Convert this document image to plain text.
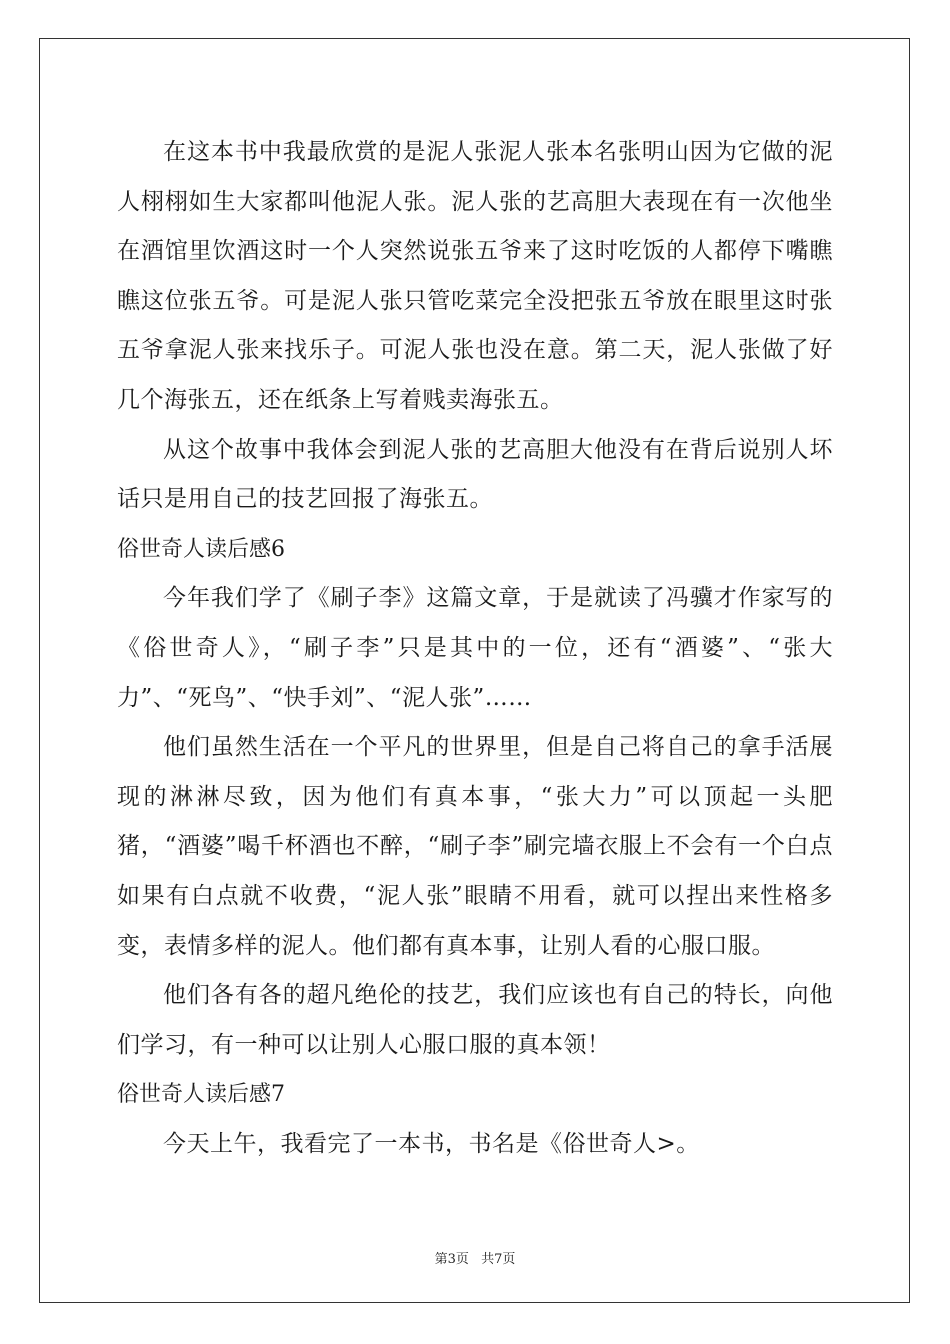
在这本书中我最欣赏的是泥人张泥人张本名张明山因为它做的泥人栩栩如生大家都叫他泥人张。泥人张的艺高胆大表现在有一次他坐在酒馆里饮酒这时一个人突然说张五爷来了这时吃饭的人都停下嘴瞧瞧这位张五爷。可是泥人张只管吃菜完全没把张五爷放在眼里这时张五爷拿泥人张来找乐子。可泥人张也没在意。第二天，泥人张做了好几个海张五，还在纸条上写着贱卖海张五。

从这个故事中我体会到泥人张的艺高胆大他没有在背后说别人坏话只是用自己的技艺回报了海张五。

俗世奇人读后感6

今年我们学了《刷子李》这篇文章，于是就读了冯骥才作家写的《俗世奇人》，“刷子李”只是其中的一位，还有“酒婆”、“张大力”、“死鸟”、“快手刘”、“泥人张”……

他们虽然生活在一个平凡的世界里，但是自己将自己的拿手活展现的淋淋尽致，因为他们有真本事，“张大力”可以顶起一头肥猪，“酒婆”喝千杯酒也不醉，“刷子李”刷完墙衣服上不会有一个白点如果有白点就不收费，“泥人张”眼睛不用看，就可以捏出来性格多变，表情多样的泥人。他们都有真本事，让别人看的心服口服。

他们各有各的超凡绝伦的技艺，我们应该也有自己的特长，向他们学习，有一种可以让别人心服口服的真本领！

俗世奇人读后感7

今天上午，我看完了一本书，书名是《俗世奇人>。

第3页 共7页
